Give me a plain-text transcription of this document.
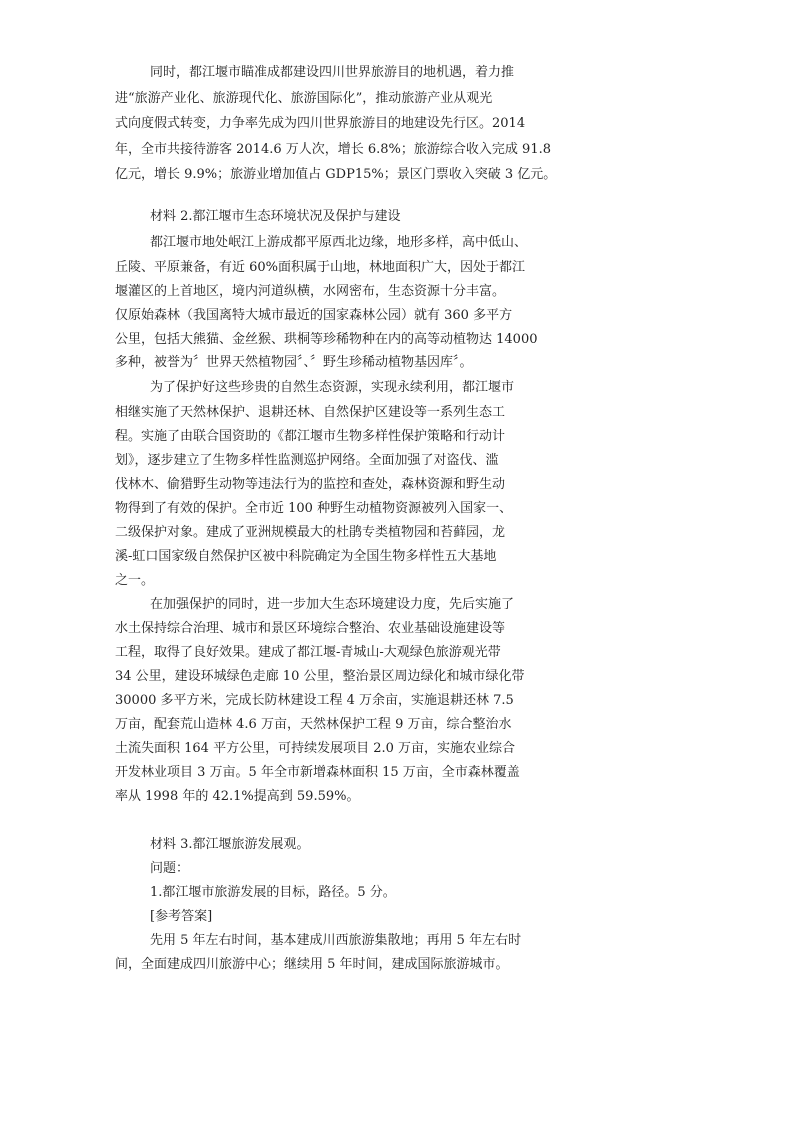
同时，都江堰市瞄准成都建设四川世界旅游目的地机遇，着力推
进“旅游产业化、旅游现代化、旅游国际化”，推动旅游产业从观光
式向度假式转变，力争率先成为四川世界旅游目的地建设先行区。2014
年，全市共接待游客 2014.6 万人次，增长 6.8%；旅游综合收入完成 91.8
亿元，增长 9.9%；旅游业增加值占 GDP15%；景区门票收入突破 3 亿元。
材料 2.都江堰市生态环境状况及保护与建设
都江堰市地处岷江上游成都平原西北边缘，地形多样，高中低山、
丘陵、平原兼备，有近 60%面积属于山地，林地面积广大，因处于都江
堰灌区的上首地区，境内河道纵横，水网密布，生态资源十分丰富。
仅原始森林（我国离特大城市最近的国家森林公园）就有 360 多平方
公里，包括大熊猫、金丝猴、珙桐等珍稀物种在内的高等动植物达 14000
多种，被誉为〞世界天然植物园〞、〞野生珍稀动植物基因库〞。
为了保护好这些珍贵的自然生态资源，实现永续利用，都江堰市
相继实施了天然林保护、退耕还林、自然保护区建设等一系列生态工
程。实施了由联合国资助的《都江堰市生物多样性保护策略和行动计
划》，逐步建立了生物多样性监测巡护网络。全面加强了对盗伐、滥
伐林木、偷猎野生动物等违法行为的监控和查处，森林资源和野生动
物得到了有效的保护。全市近 100 种野生动植物资源被列入国家一、
二级保护对象。建成了亚洲规模最大的杜鹃专类植物园和苔藓园，龙
溪-虹口国家级自然保护区被中科院确定为全国生物多样性五大基地
之一。
在加强保护的同时，进一步加大生态环境建设力度，先后实施了
水土保持综合治理、城市和景区环境综合整治、农业基础设施建设等
工程，取得了良好效果。建成了都江堰-青城山-大观绿色旅游观光带
34 公里，建设环城绿色走廊 10 公里，整治景区周边绿化和城市绿化带
30000 多平方米，完成长防林建设工程 4 万余亩，实施退耕还林 7.5
万亩，配套荒山造林 4.6 万亩，天然林保护工程 9 万亩，综合整治水
土流失面积 164 平方公里，可持续发展项目 2.0 万亩，实施农业综合
开发林业项目 3 万亩。5 年全市新增森林面积 15 万亩，全市森林覆盖
率从 1998 年的 42.1%提高到 59.59%。
材料 3.都江堰旅游发展观。
问题：
1.都江堰市旅游发展的目标，路径。5 分。
[参考答案]
先用 5 年左右时间，基本建成川西旅游集散地；再用 5 年左右时
间，全面建成四川旅游中心；继续用 5 年时间，建成国际旅游城市。
